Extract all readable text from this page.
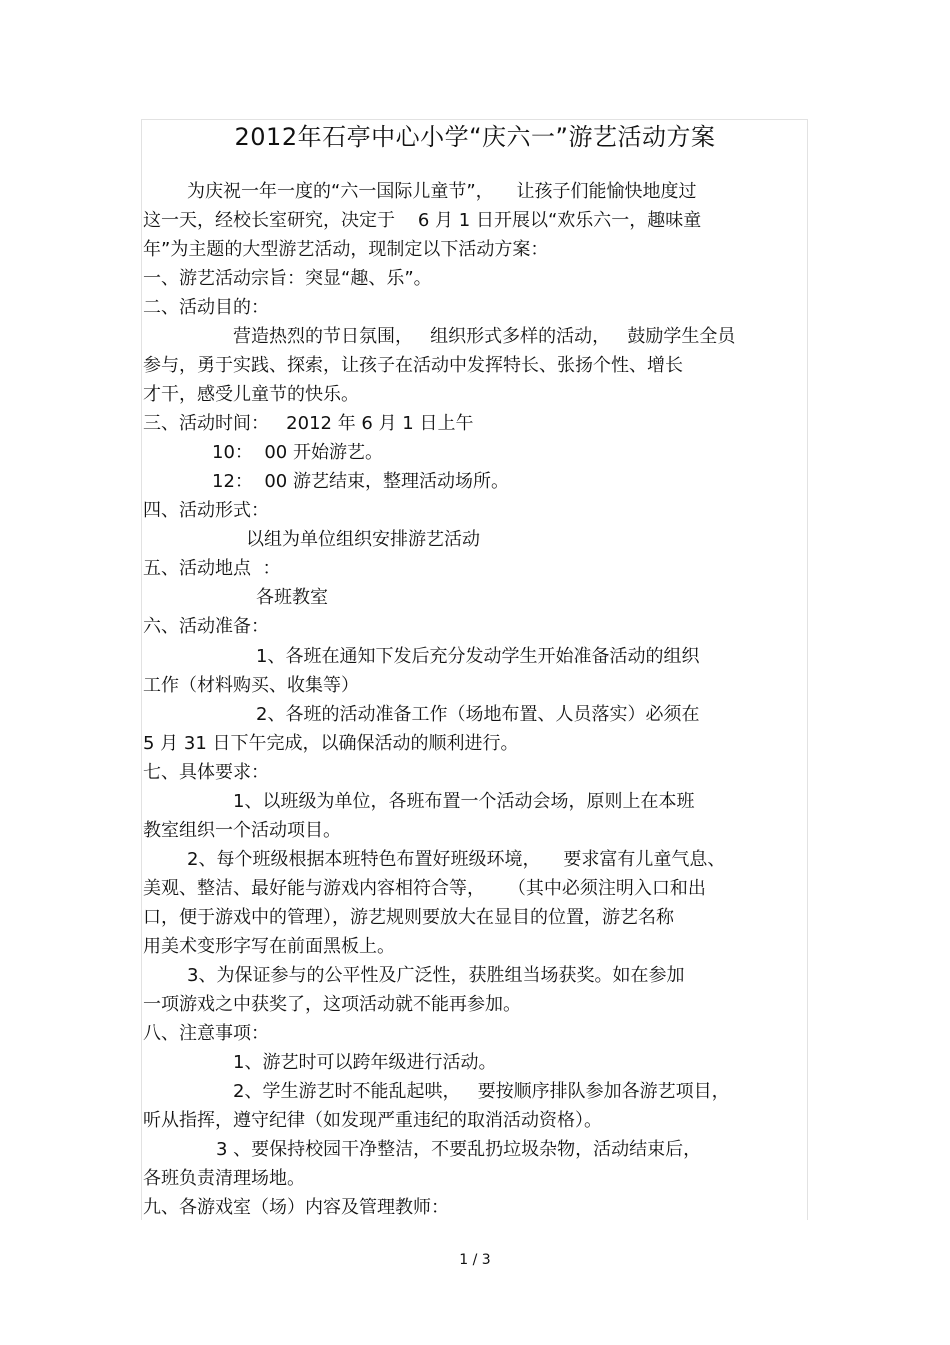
2012年石亭中心小学“庆六一”游艺活动方案
为庆祝一年一度的“六一国际儿童节”，    让孩子们能愉快地度过
这一天，经校长室研究，决定于    6 月 1 日开展以“欢乐六一，趣味童
年”为主题的大型游艺活动，现制定以下活动方案：
一、游艺活动宗旨：突显“趣、乐”。
二、活动目的：
营造热烈的节日氛围，   组织形式多样的活动，   鼓励学生全员
参与，勇于实践、探索，让孩子在活动中发挥特长、张扬个性、增长
才干，感受儿童节的快乐。
三、活动时间：   2012 年 6 月 1 日上午
10：  00 开始游艺。
12：  00 游艺结束，整理活动场所。
四、活动形式：
以组为单位组织安排游艺活动
五、活动地点  ：
各班教室
六、活动准备：
1、各班在通知下发后充分发动学生开始准备活动的组织
工作（材料购买、收集等）
2、各班的活动准备工作（场地布置、人员落实）必须在
5 月 31 日下午完成，以确保活动的顺利进行。
七、具体要求：
1、以班级为单位，各班布置一个活动会场，原则上在本班
教室组织一个活动项目。
2、每个班级根据本班特色布置好班级环境，    要求富有儿童气息、
美观、整洁、最好能与游戏内容相符合等，    （其中必须注明入口和出
口，便于游戏中的管理），游艺规则要放大在显目的位置，游艺名称
用美术变形字写在前面黑板上。
3、为保证参与的公平性及广泛性，获胜组当场获奖。如在参加
一项游戏之中获奖了，这项活动就不能再参加。
八、注意事项：
1、游艺时可以跨年级进行活动。
2、学生游艺时不能乱起哄，   要按顺序排队参加各游艺项目，
听从指挥，遵守纪律（如发现严重违纪的取消活动资格）。
3 、要保持校园干净整洁，不要乱扔垃圾杂物，活动结束后，
各班负责清理场地。
九、各游戏室（场）内容及管理教师：
1 / 3
